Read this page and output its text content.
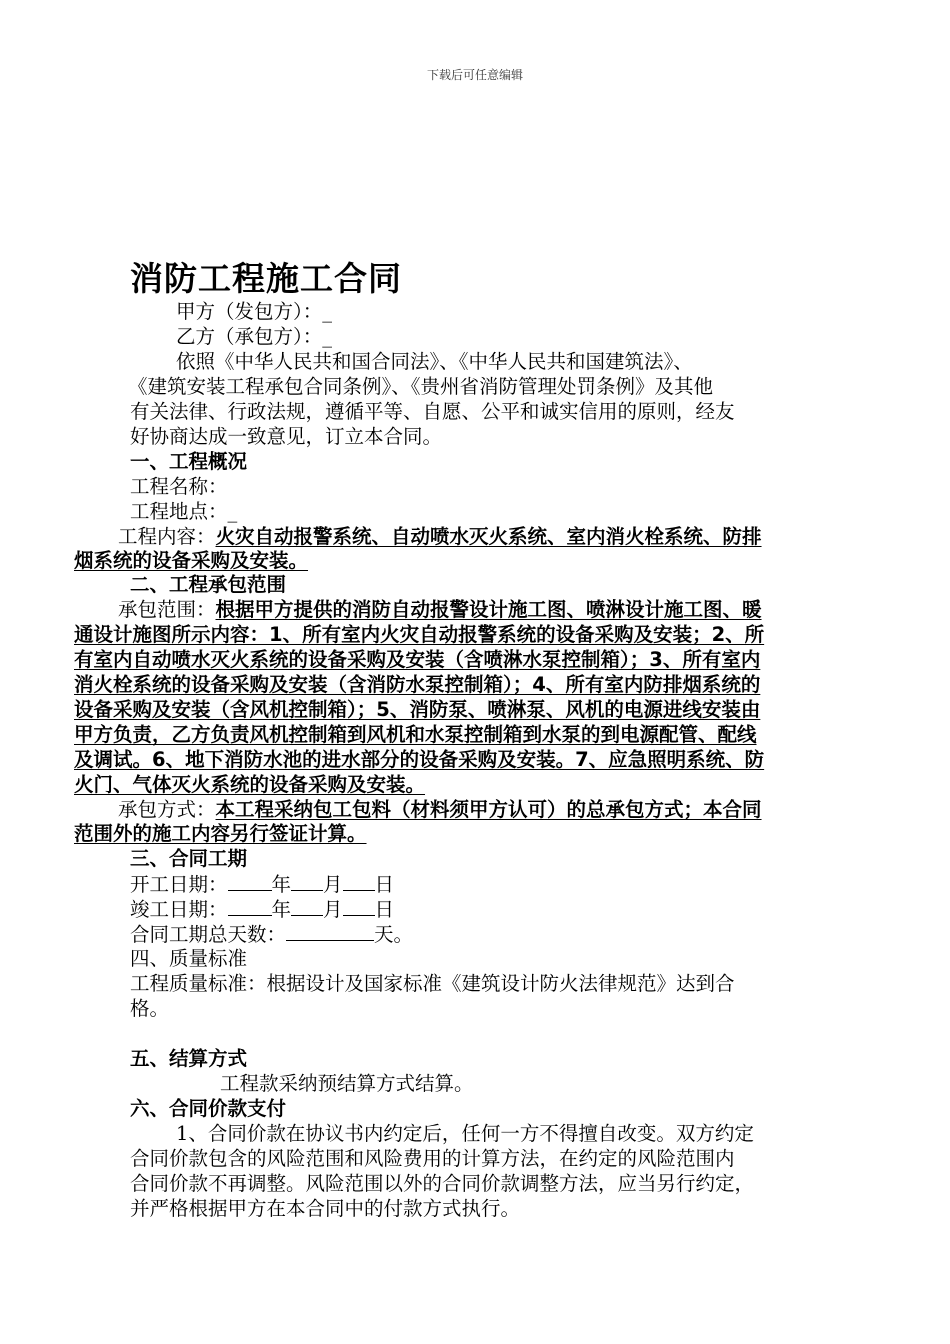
下载后可任意编辑
消防工程施工合同
甲方（发包方）：_
乙方（承包方）：_
依照《中华人民共和国合同法》、《中华人民共和国建筑法》、
《建筑安装工程承包合同条例》、《贵州省消防管理处罚条例》及其他
有关法律、行政法规，遵循平等、自愿、公平和诚实信用的原则，经友
好协商达成一致意见，订立本合同。
一、工程概况
工程名称：
工程地点：_
工程内容：火灾自动报警系统、自动喷水灭火系统、室内消火栓系统、防排
烟系统的设备采购及安装。
二、工程承包范围
承包范围：根据甲方提供的消防自动报警设计施工图、喷淋设计施工图、暖
通设计施图所示内容：1、所有室内火灾自动报警系统的设备采购及安装；2、所
有室内自动喷水灭火系统的设备采购及安装（含喷淋水泵控制箱）；3、所有室内
消火栓系统的设备采购及安装（含消防水泵控制箱）；4、所有室内防排烟系统的
设备采购及安装（含风机控制箱）；5、消防泵、喷淋泵、风机的电源进线安装由
甲方负责，乙方负责风机控制箱到风机和水泵控制箱到水泵的到电源配管、配线
及调试。6、地下消防水池的进水部分的设备采购及安装。7、应急照明系统、防
火门、气体灭火系统的设备采购及安装。
承包方式：本工程采纳包工包料（材料须甲方认可）的总承包方式；本合同
范围外的施工内容另行签证计算。
三、合同工期
开工日期： 年 月 日
竣工日期： 年 月 日
合同工期总天数：	天。
四、质量标准
工程质量标准：根据设计及国家标准《建筑设计防火法律规范》达到合
格。
五、结算方式
工程款采纳预结算方式结算。
六、合同价款支付
1、合同价款在协议书内约定后，任何一方不得擅自改变。双方约定
合同价款包含的风险范围和风险费用的计算方法，在约定的风险范围内
合同价款不再调整。风险范围以外的合同价款调整方法，应当另行约定，
并严格根据甲方在本合同中的付款方式执行。
